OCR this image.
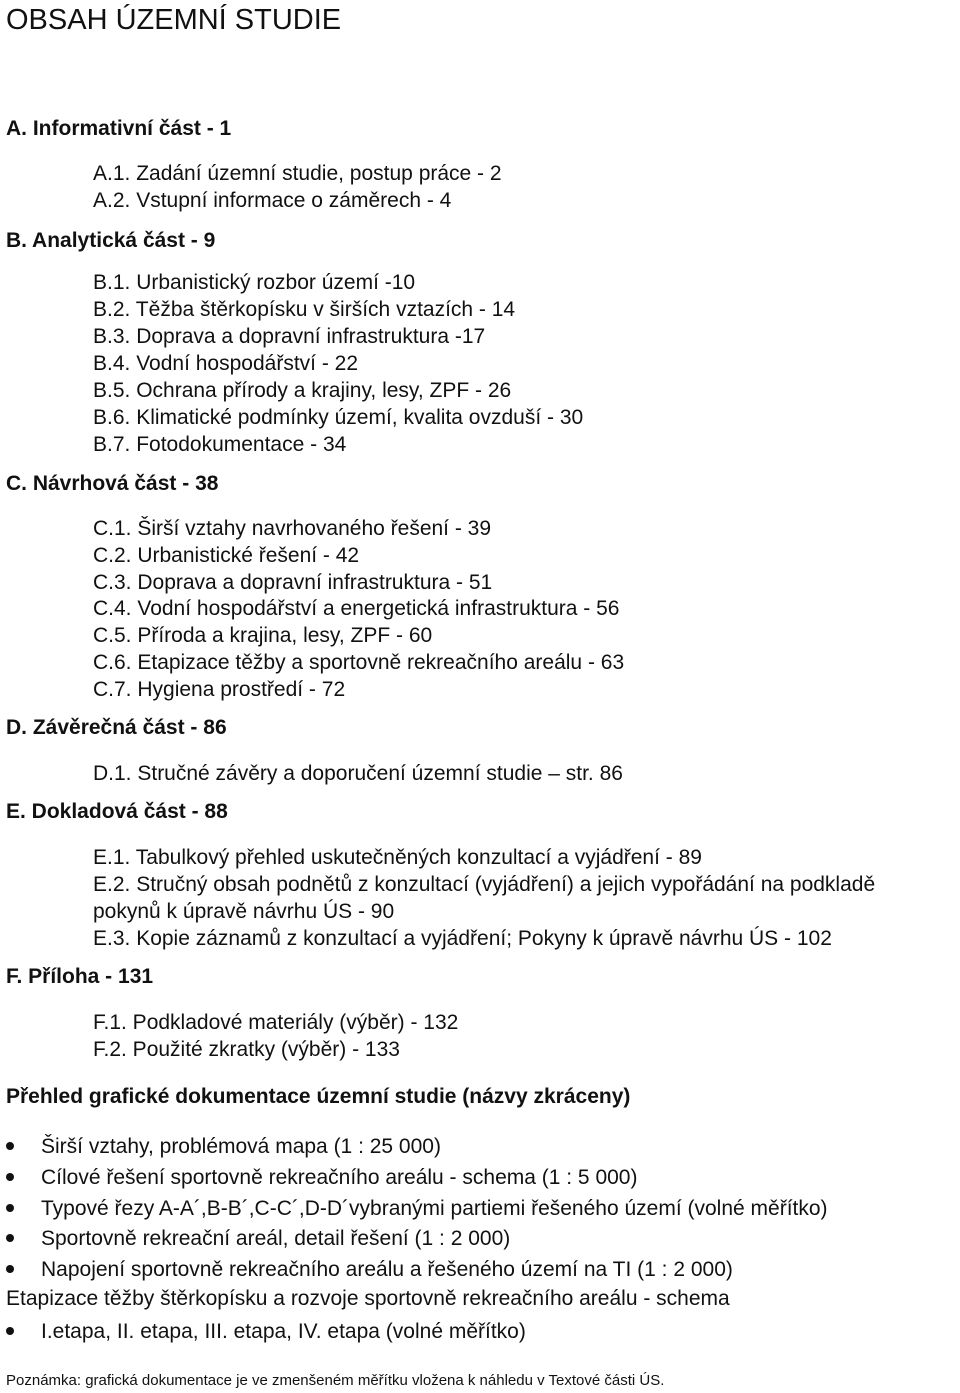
OBSAH ÚZEMNÍ STUDIE
A. Informativní část - 1
A.1. Zadání územní studie, postup práce - 2
A.2. Vstupní informace o záměrech - 4
B. Analytická část - 9
B.1. Urbanistický rozbor území -10
B.2. Těžba štěrkopísku v širších vztazích - 14
B.3. Doprava a dopravní infrastruktura -17
B.4. Vodní hospodářství - 22
B.5. Ochrana přírody a krajiny, lesy, ZPF - 26
B.6. Klimatické podmínky území, kvalita ovzduší - 30
B.7. Fotodokumentace - 34
C. Návrhová část - 38
C.1. Širší vztahy navrhovaného řešení - 39
C.2. Urbanistické řešení - 42
C.3. Doprava a dopravní infrastruktura - 51
C.4. Vodní hospodářství a energetická infrastruktura - 56
C.5. Příroda a krajina, lesy, ZPF - 60
C.6. Etapizace těžby a sportovně rekreačního areálu - 63
C.7. Hygiena prostředí - 72
D. Závěrečná část - 86
D.1. Stručné závěry a doporučení územní studie – str. 86
E. Dokladová část - 88
E.1. Tabulkový přehled uskutečněných konzultací a vyjádření - 89
E.2. Stručný obsah podnětů z konzultací (vyjádření) a jejich vypořádání na podkladě
pokynů k úpravě návrhu ÚS - 90
E.3. Kopie záznamů z konzultací a vyjádření; Pokyny k úpravě návrhu ÚS - 102
F. Příloha - 131
F.1. Podkladové materiály (výběr) - 132
F.2. Použité zkratky (výběr) - 133
Přehled grafické dokumentace územní studie (názvy zkráceny)
Širší vztahy, problémová mapa (1 : 25 000)
Cílové řešení sportovně rekreačního areálu - schema (1 : 5 000)
Typové řezy A-A´,B-B´,C-C´,D-D´vybranými partiemi řešeného území (volné měřítko)
Sportovně rekreační areál, detail řešení (1 : 2 000)
Napojení sportovně rekreačního areálu a řešeného území na TI (1 : 2 000)
Etapizace těžby štěrkopísku a rozvoje sportovně rekreačního areálu - schema
I.etapa, II. etapa, III. etapa, IV. etapa (volné měřítko)
Poznámka: grafická dokumentace je ve zmenšeném měřítku vložena k náhledu v Textové části ÚS.
